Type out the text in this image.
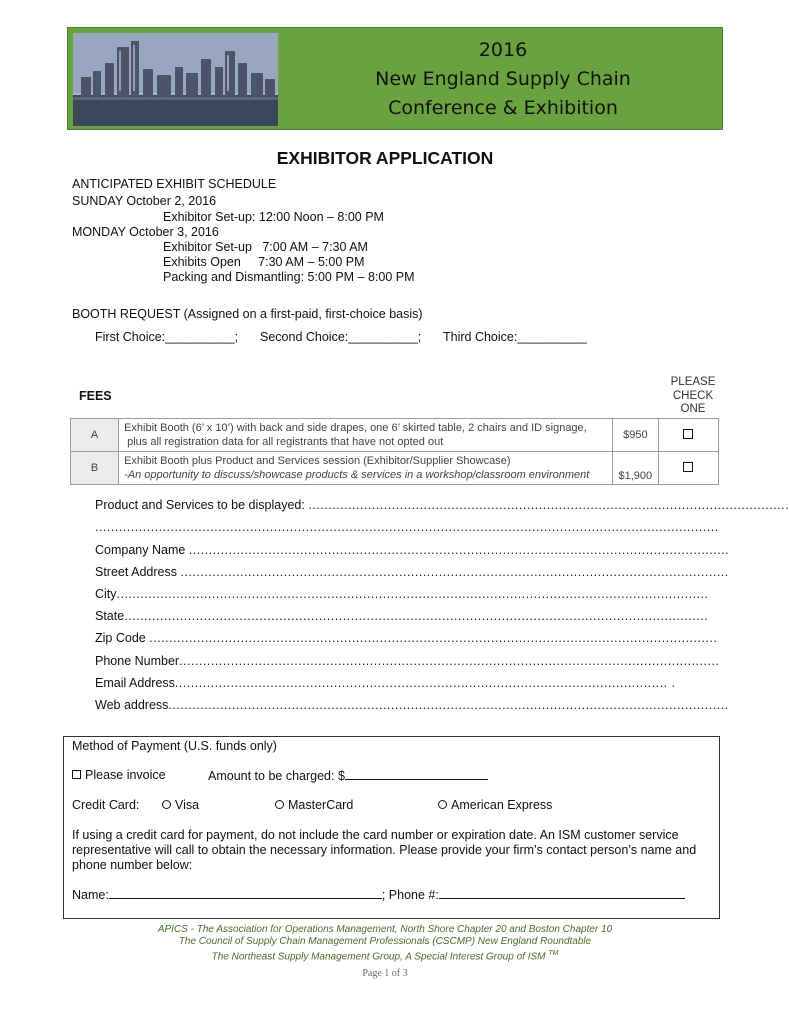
2016
New England Supply Chain
Conference & Exhibition
EXHIBITOR APPLICATION
ANTICIPATED EXHIBIT SCHEDULE
SUNDAY October 2, 2016
Exhibitor Set-up: 12:00 Noon – 8:00 PM
MONDAY October 3, 2016
Exhibitor Set-up   7:00 AM – 7:30 AM
Exhibits Open     7:30 AM – 5:00 PM
Packing and Dismantling: 5:00 PM – 8:00 PM
BOOTH REQUEST (Assigned on a first-paid, first-choice basis)
First Choice:__________; Second Choice:__________; Third Choice:__________
FEES
PLEASE
CHECK
ONE
A	Exhibit Booth (6’ x 10’) with back and side drapes, one 6’ skirted table, 2 chairs and ID signage,
plus all registration data for all registrants that have not opted out	$950	
B	Exhibit Booth plus Product and Services session (Exhibitor/Supplier Showcase)
-An opportunity to discuss/showcase products & services in a workshop/classroom environment	$1,900	
Product and Services to be displayed: .........................................................................................................................
.............................................................................................................................................................
Company Name ........................................................................................................................................
Street Address ..........................................................................................................................................
City.....................................................................................................................................................
State...................................................................................................................................................
Zip Code ...............................................................................................................................................
Phone Number........................................................................................................................................
Email Address............................................................................................................................ .
Web address.............................................................................................................................................
Method of Payment (U.S. funds only)
Please invoice	Amount to be charged: $
Credit Card:	Visa	MasterCard	American Express
If using a credit card for payment, do not include the card number or expiration date. An ISM customer service
representative will call to obtain the necessary information. Please provide your firm’s contact person’s name and
phone number below:
Name:	; Phone #:
APICS - The Association for Operations Management, North Shore Chapter 20 and Boston Chapter 10
The Council of Supply Chain Management Professionals (CSCMP) New England Roundtable
The Northeast Supply Management Group, A Special Interest Group of ISM ™
Page 1 of 3
